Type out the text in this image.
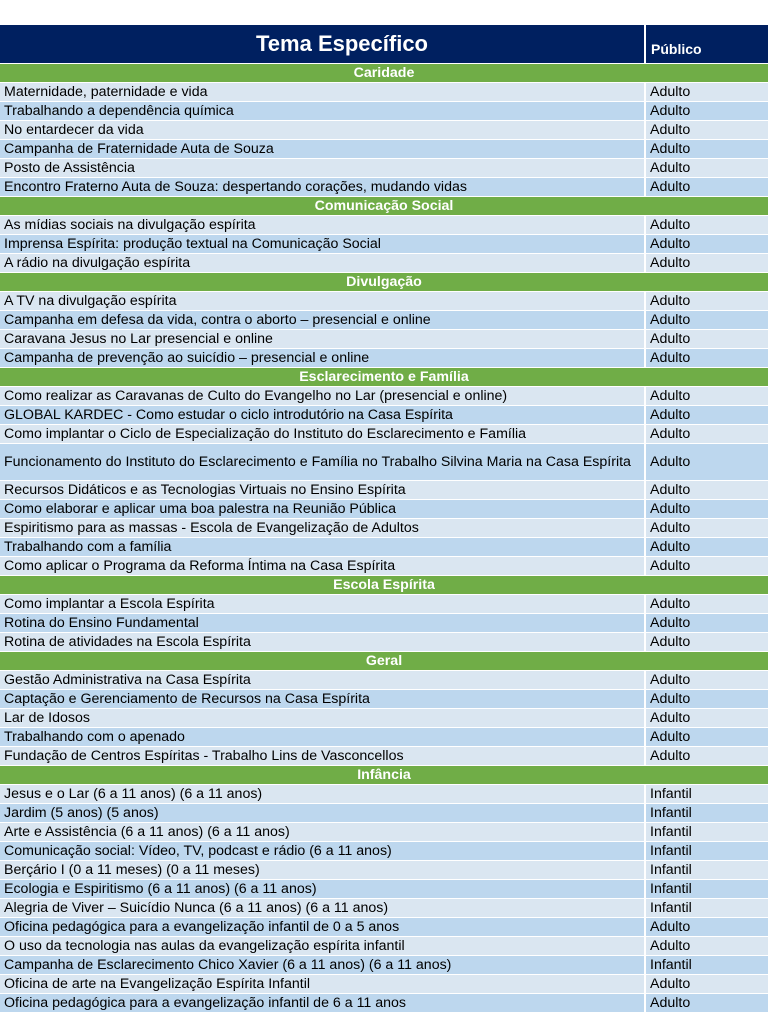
Tema Específico	Público
Caridade	
Maternidade, paternidade e vida	Adulto
Trabalhando a dependência química	Adulto
No entardecer da vida	Adulto
Campanha de Fraternidade Auta de Souza	Adulto
Posto de Assistência	Adulto
Encontro Fraterno Auta de Souza: despertando corações, mudando vidas	Adulto
Comunicação Social	
As mídias sociais na divulgação espírita	Adulto
Imprensa Espírita: produção textual na Comunicação Social	Adulto
A rádio na divulgação espírita	Adulto
Divulgação	
A TV na divulgação espírita	Adulto
Campanha em defesa da vida, contra o aborto – presencial e online	Adulto
Caravana Jesus no Lar presencial e online	Adulto
Campanha de prevenção ao suicídio – presencial e online	Adulto
Esclarecimento e Família	
Como realizar as Caravanas de Culto do Evangelho no Lar (presencial e online)	Adulto
GLOBAL KARDEC - Como estudar o ciclo introdutório na Casa Espírita	Adulto
Como implantar o Ciclo de Especialização do Instituto do Esclarecimento e Família	Adulto
Funcionamento do Instituto do Esclarecimento e Família no Trabalho Silvina Maria na Casa Espírita	Adulto
Recursos Didáticos e as Tecnologias Virtuais no Ensino Espírita	Adulto
Como elaborar e aplicar uma boa palestra na Reunião Pública	Adulto
Espiritismo para as massas - Escola de Evangelização de Adultos	Adulto
Trabalhando com a família	Adulto
Como aplicar o Programa da Reforma Íntima na Casa Espírita	Adulto
Escola Espírita	
Como implantar a Escola Espírita	Adulto
Rotina do Ensino Fundamental	Adulto
Rotina de atividades na Escola Espírita	Adulto
Geral	
Gestão Administrativa na Casa Espírita	Adulto
Captação e Gerenciamento de Recursos na Casa Espírita	Adulto
Lar de Idosos	Adulto
Trabalhando com o apenado	Adulto
Fundação de Centros Espíritas - Trabalho Lins de Vasconcellos	Adulto
Infância	
Jesus e o Lar (6 a 11 anos) (6 a 11 anos)	Infantil
Jardim (5 anos) (5 anos)	Infantil
Arte e Assistência (6 a 11 anos) (6 a 11 anos)	Infantil
Comunicação social: Vídeo, TV, podcast e rádio (6 a 11 anos)	Infantil
Berçário I (0 a 11 meses) (0 a 11 meses)	Infantil
Ecologia e Espiritismo (6 a 11 anos) (6 a 11 anos)	Infantil
Alegria de Viver – Suicídio Nunca (6 a 11 anos) (6 a 11 anos)	Infantil
Oficina pedagógica para a evangelização infantil de 0 a 5 anos	Adulto
O uso da tecnologia nas aulas da evangelização espírita infantil	Adulto
Campanha de Esclarecimento Chico Xavier (6 a 11 anos) (6 a 11 anos)	Infantil
Oficina de arte na Evangelização Espírita Infantil	Adulto
Oficina pedagógica para a evangelização infantil de 6 a 11 anos	Adulto
